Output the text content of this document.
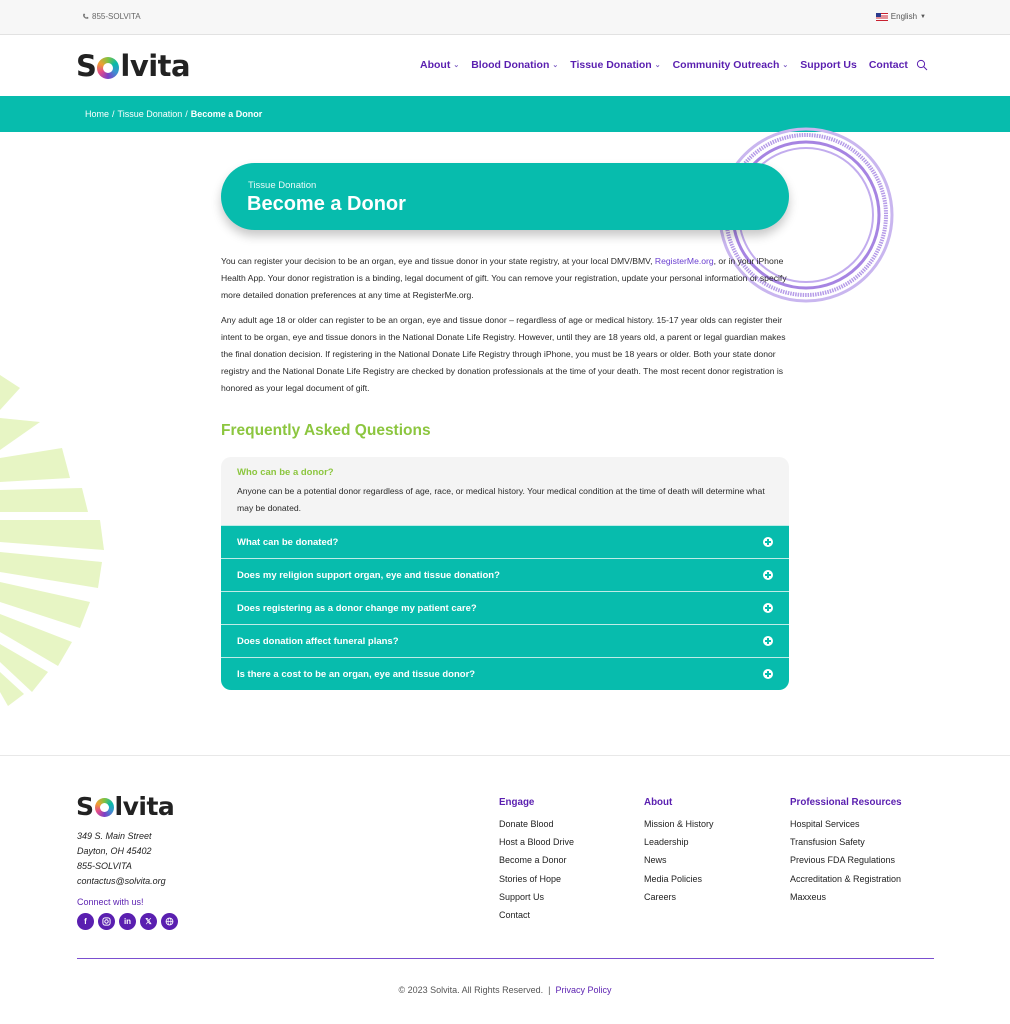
855-SOLVITA	English ▼
S lvita	About ⌄ Blood Donation ⌄ Tissue Donation ⌄ Community Outreach ⌄ Support Us Contact
Home / Tissue Donation / Become a Donor
Tissue Donation
Become a Donor

You can register your decision to be an organ, eye and tissue donor in your state registry, at your local DMV/BMV, RegisterMe.org, or in your iPhone Health App. Your donor registration is a binding, legal document of gift. You can remove your registration, update your personal information or specify more detailed donation preferences at any time at RegisterMe.org.

Any adult age 18 or older can register to be an organ, eye and tissue donor – regardless of age or medical history. 15-17 year olds can register their intent to be organ, eye and tissue donors in the National Donate Life Registry. However, until they are 18 years old, a parent or legal guardian makes the final donation decision. If registering in the National Donate Life Registry through iPhone, you must be 18 years or older. Both your state donor registry and the National Donate Life Registry are checked by donation professionals at the time of your death. The most recent donor registration is honored as your legal document of gift.

Frequently Asked Questions
Who can be a donor?
Anyone can be a potential donor regardless of age, race, or medical history. Your medical condition at the time of death will determine what may be donated.
What can be donated?
Does my religion support organ, eye and tissue donation?
Does registering as a donor change my patient care?
Does donation affect funeral plans?
Is there a cost to be an organ, eye and tissue donor?
S lvita
349 S. Main Street
Dayton, OH 45402
855-SOLVITA
contactus@solvita.org
Connect with us!
f	in	𝕏
Engage
Donate Blood
Host a Blood Drive
Become a Donor
Stories of Hope
Support Us
Contact
About
Mission & History
Leadership
News
Media Policies
Careers
Professional Resources
Hospital Services
Transfusion Safety
Previous FDA Regulations
Accreditation & Registration
Maxxeus
© 2023 Solvita. All Rights Reserved. | Privacy Policy
